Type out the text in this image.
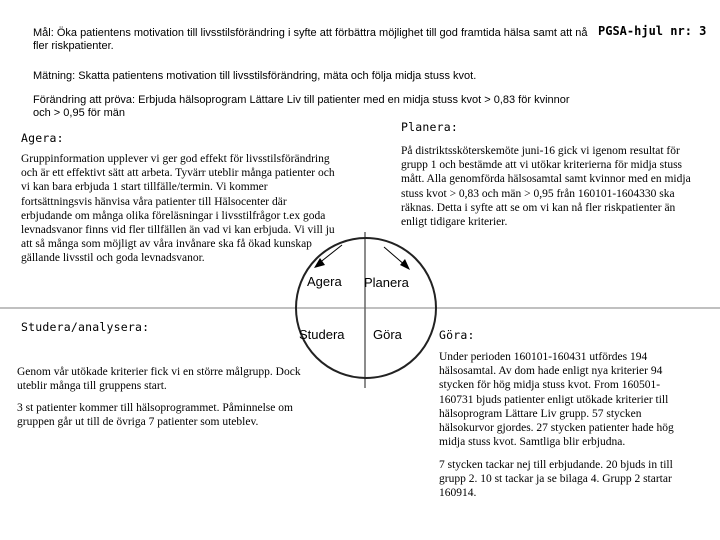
Mål: Öka patientens motivation till livsstilsförändring i syfte att förbättra möjlighet till god framtida hälsa samt att nå fler riskpatienter.
PGSA-hjul nr: 3
Mätning: Skatta patientens motivation till livsstilsförändring, mäta och följa midja stuss kvot.
Förändring att pröva: Erbjuda hälsoprogram Lättare Liv till patienter med en midja stuss kvot > 0,83 för kvinnor och > 0,95 för män
Agera:
Gruppinformation upplever vi ger god effekt för livsstilsförändring och är ett effektivt sätt att arbeta. Tyvärr uteblir många patienter och vi kan bara erbjuda 1 start tillfälle/termin. Vi kommer fortsättningsvis hänvisa våra patienter till Hälsocenter där erbjudande om många olika föreläsningar i livsstilfrågor t.ex goda levnadsvanor finns vid fler tillfällen än vad vi kan erbjuda. Vi vill ju att så många som möjligt av våra invånare ska få ökad kunskap gällande livsstil och goda levnadsvanor.
Planera:
På distriktssköterskemöte juni-16 gick vi igenom resultat för grupp 1 och bestämde att vi utökar kriterierna för midja stuss mått. Alla genomförda hälsosamtal samt kvinnor med en midja stuss kvot > 0,83 och män > 0,95 från 160101-1604330 ska räknas. Detta i syfte att se om vi kan nå fler riskpatienter än enligt tidigare kriterier.
Agera Planera
Studera Göra
Studera/analysera:
Genom vår utökade kriterier fick vi en större målgrupp. Dock uteblir många till gruppens start.
3 st patienter kommer till hälsoprogrammet. Påminnelse om gruppen går ut till de övriga 7 patienter som uteblev.
Göra:
Under perioden 160101-160431 utfördes 194 hälsosamtal. Av dom hade enligt nya kriterier 94 stycken för hög midja stuss kvot. From 160501-160731 bjuds patienter enligt utökade kriterier till hälsoprogram Lättare Liv grupp. 57 stycken hälsokurvor gjordes. 27 stycken patienter hade hög midja stuss kvot. Samtliga blir erbjudna.
7 stycken tackar nej till erbjudande. 20 bjuds in till grupp 2. 10 st tackar ja se bilaga 4. Grupp 2 startar 160914.
